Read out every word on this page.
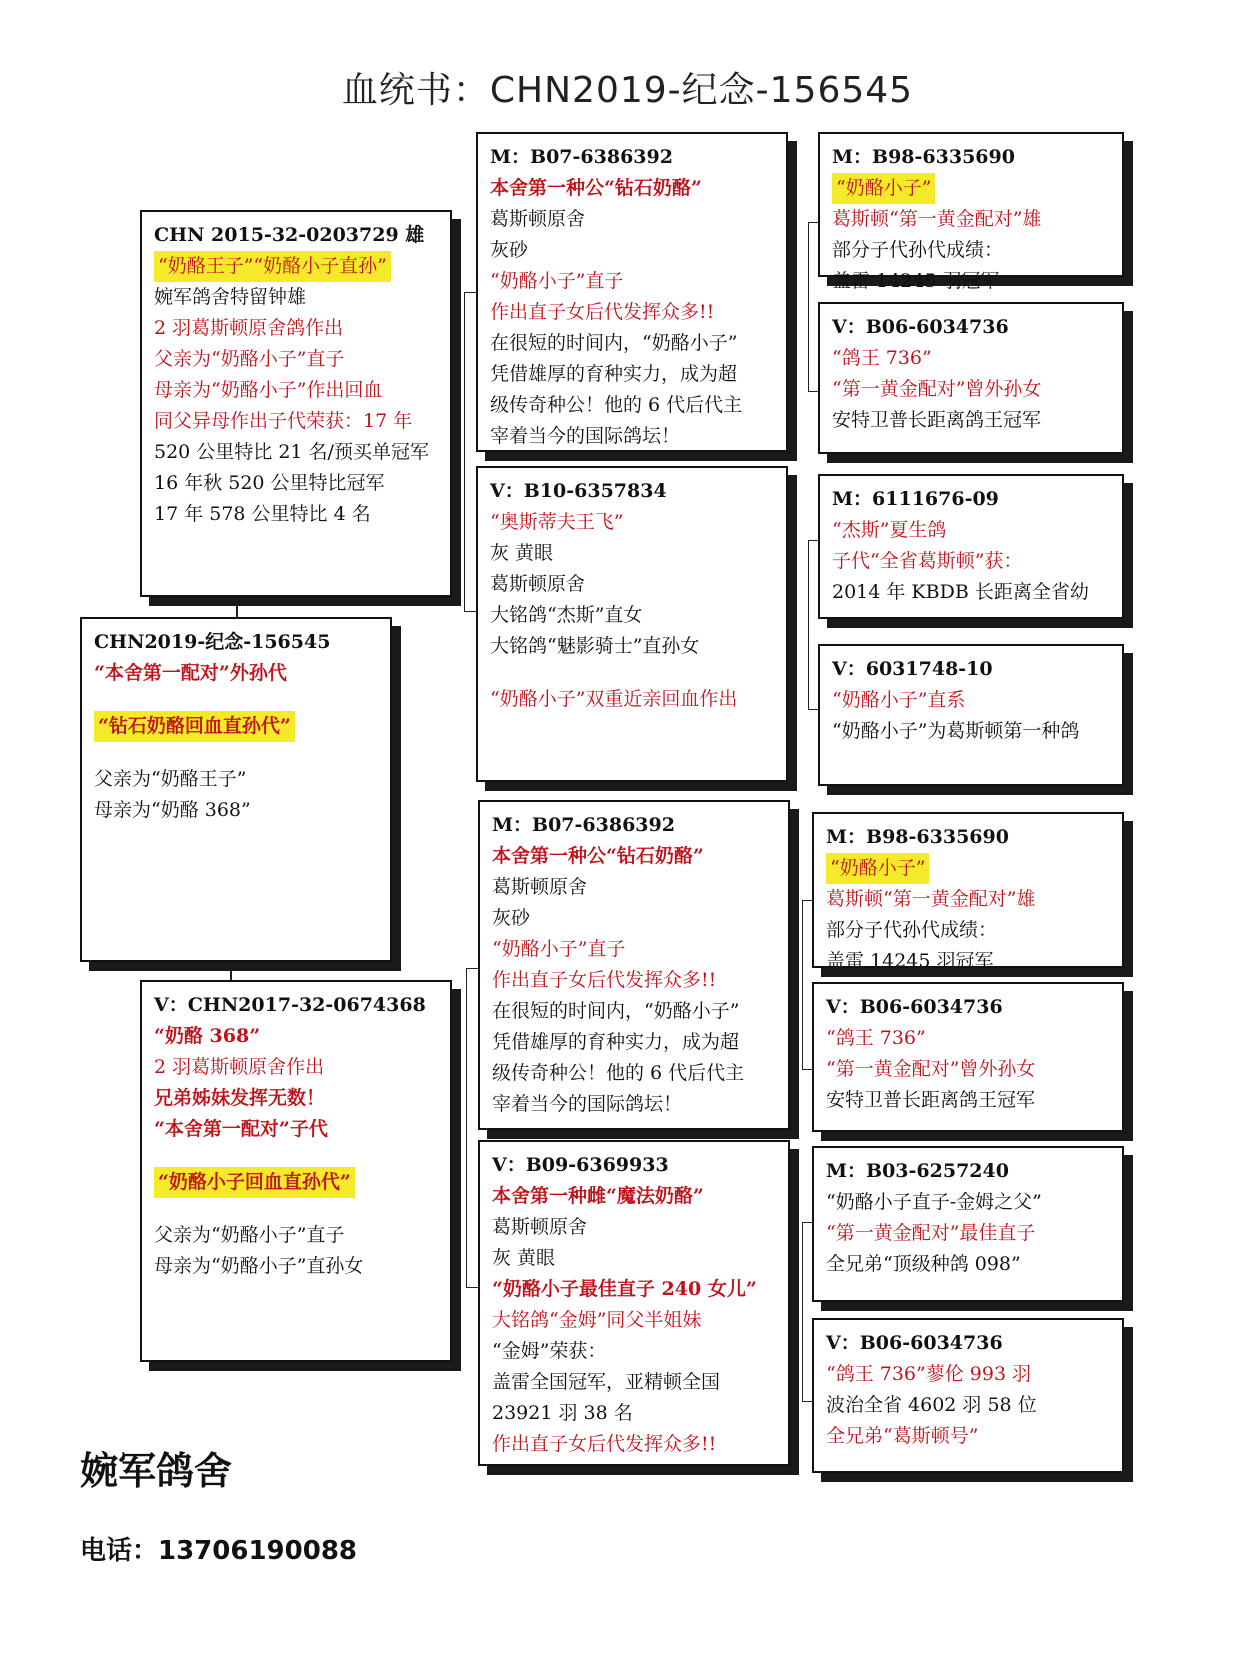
血统书：CHN2019-纪念-156545
CHN2019-纪念-156545
“本舍第一配对”外孙代
“钻石奶酪回血直孙代”
父亲为“奶酪王子”
母亲为“奶酪 368”
CHN 2015-32-0203729 雄
“奶酪王子”“奶酪小子直孙”
婉军鸽舍特留钟雄
2 羽葛斯顿原舍鸽作出
父亲为“奶酪小子”直子
母亲为“奶酪小子”作出回血
同父异母作出子代荣获：17 年
520 公里特比 21 名/预买单冠军
16 年秋 520 公里特比冠军
17 年 578 公里特比 4 名
V：CHN2017-32-0674368
“奶酪 368”
2 羽葛斯顿原舍作出
兄弟姊妹发挥无数！
“本舍第一配对”子代
“奶酪小子回血直孙代”
父亲为“奶酪小子”直子
母亲为“奶酪小子”直孙女
M：B07-6386392
本舍第一种公“钻石奶酪”
葛斯顿原舍
灰砂
“奶酪小子”直子
作出直子女后代发挥众多!!
在很短的时间内，“奶酪小子”
凭借雄厚的育种实力，成为超
级传奇种公！他的 6 代后代主
宰着当今的国际鸽坛！
V：B10-6357834
“奥斯蒂夫王飞”
灰 黄眼
葛斯顿原舍
大铭鸽“杰斯”直女
大铭鸽“魅影骑士”直孙女
“奶酪小子”双重近亲回血作出
M：B07-6386392
本舍第一种公“钻石奶酪”
葛斯顿原舍
灰砂
“奶酪小子”直子
作出直子女后代发挥众多!!
在很短的时间内，“奶酪小子”
凭借雄厚的育种实力，成为超
级传奇种公！他的 6 代后代主
宰着当今的国际鸽坛！
V：B09-6369933
本舍第一种雌“魔法奶酪”
葛斯顿原舍
灰 黄眼
“奶酪小子最佳直子 240 女儿”
大铭鸽“金姆”同父半姐妹
“金姆”荣获：
盖雷全国冠军，亚精顿全国
23921 羽 38 名
作出直子女后代发挥众多!!
M：B98-6335690
“奶酪小子”
葛斯顿“第一黄金配对”雄
部分子代孙代成绩：
盖雷 14245 羽冠军
V：B06-6034736
“鸽王 736”
“第一黄金配对”曾外孙女
安特卫普长距离鸽王冠军
M：6111676-09
“杰斯”夏生鸽
子代“全省葛斯顿”获：
2014 年 KBDB 长距离全省幼
V：6031748-10
“奶酪小子”直系
“奶酪小子”为葛斯顿第一种鸽
M：B98-6335690
“奶酪小子”
葛斯顿“第一黄金配对”雄
部分子代孙代成绩：
盖雷 14245 羽冠军
V：B06-6034736
“鸽王 736”
“第一黄金配对”曾外孙女
安特卫普长距离鸽王冠军
M：B03-6257240
“奶酪小子直子-金姆之父”
“第一黄金配对”最佳直子
全兄弟“顶级种鸽 098”
V：B06-6034736
“鸽王 736”蓼伦 993 羽
波治全省 4602 羽 58 位
全兄弟“葛斯顿号”
婉军鸽舍
电话：13706190088
